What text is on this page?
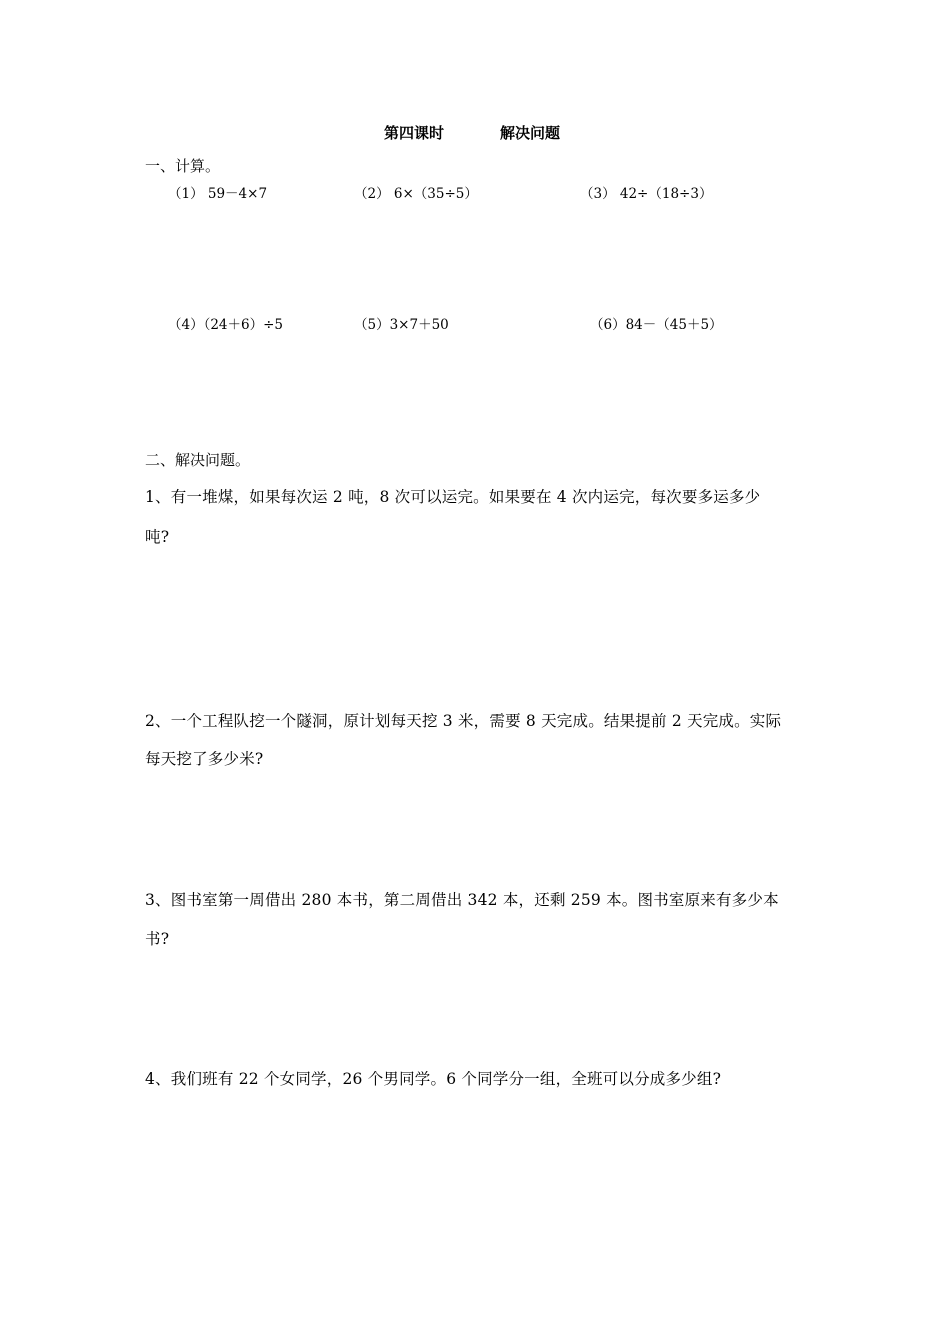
第四课时	解决问题
一、计算。
（1） 59－4×7	（2） 6×（35÷5）	（3） 42÷（18÷3）
（4）（24＋6）÷5	（5）3×7＋50	（6）84－（45＋5）
二、解决问题。
1、有一堆煤，如果每次运 2 吨，8 次可以运完。如果要在 4 次内运完，每次要多运多少
吨?
2、一个工程队挖一个隧洞，原计划每天挖 3 米，需要 8 天完成。结果提前 2 天完成。实际
每天挖了多少米?
3、图书室第一周借出 280 本书，第二周借出 342 本，还剩 259 本。图书室原来有多少本
书?
4、我们班有 22 个女同学，26 个男同学。6 个同学分一组，全班可以分成多少组?
